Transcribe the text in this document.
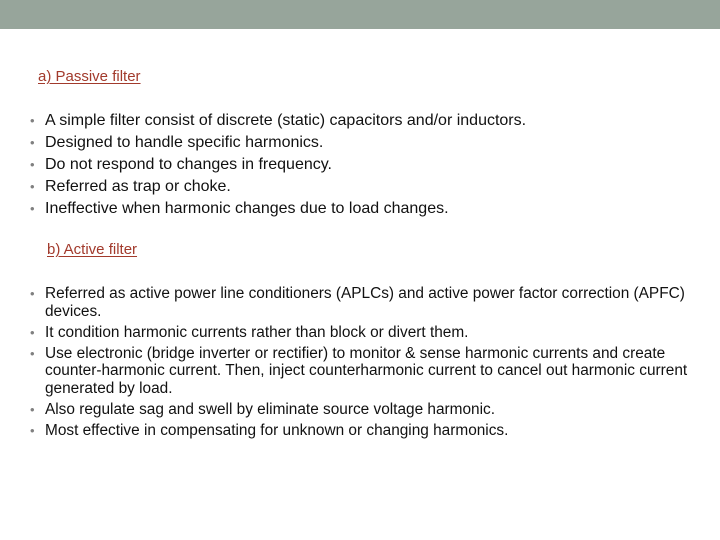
a) Passive filter
• A simple filter consist of discrete (static) capacitors and/or inductors.
• Designed to handle specific harmonics.
• Do not respond to changes in frequency.
• Referred as trap or choke.
• Ineffective when harmonic changes due to load changes.
b) Active filter
• Referred as active power line conditioners (APLCs) and active power factor correction (APFC) devices.
• It condition harmonic currents rather than block or divert them.
• Use electronic (bridge inverter or rectifier) to monitor & sense harmonic currents and create counter-harmonic current. Then, inject counterharmonic current to cancel out harmonic current generated by load.
• Also regulate sag and swell by eliminate source voltage harmonic.
• Most effective in compensating for unknown or changing harmonics.
